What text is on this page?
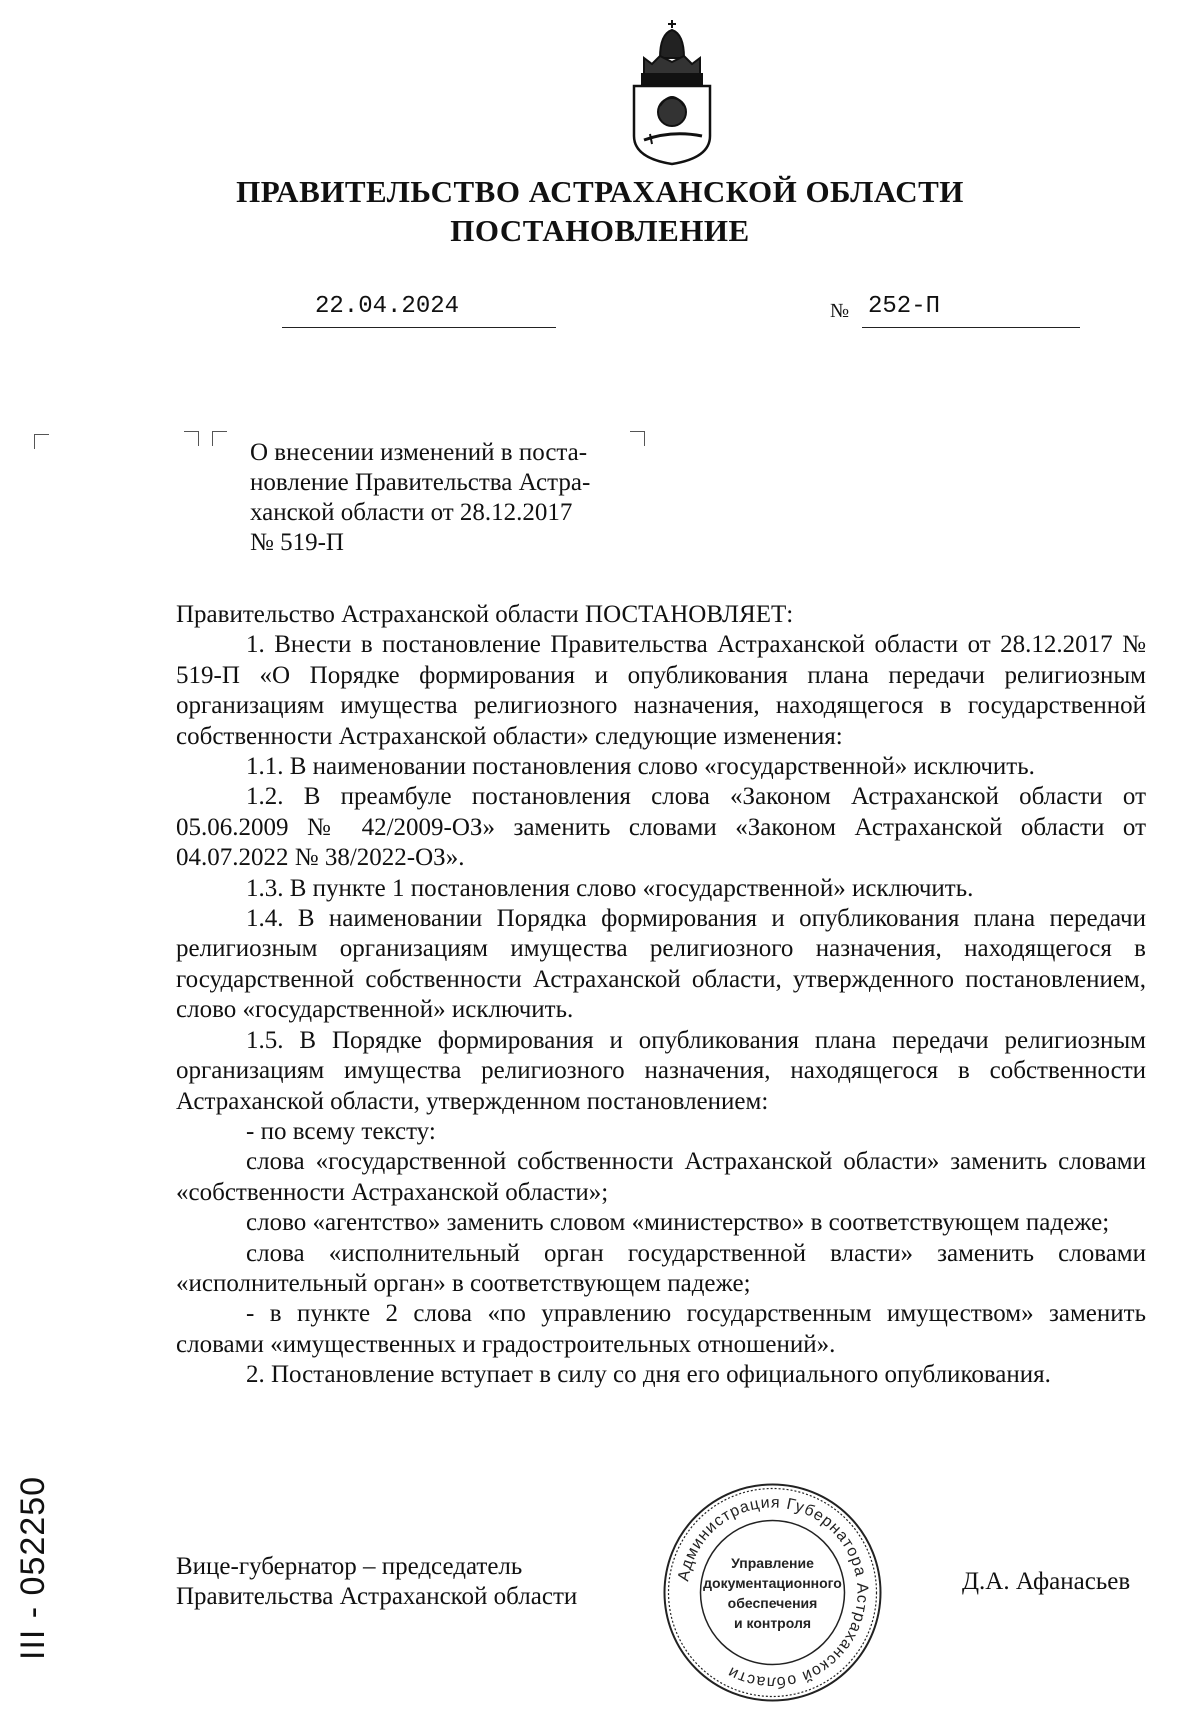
ПРАВИТЕЛЬСТВО АСТРАХАНСКОЙ ОБЛАСТИ
ПОСТАНОВЛЕНИЕ
22.04.2024	№ 252-П
О внесении изменений в поста-
новление Правительства Астра-
ханской области от 28.12.2017
№ 519-П

Правительство Астраханской области ПОСТАНОВЛЯЕТ:

1. Внести в постановление Правительства Астраханской области от 28.12.2017 № 519-П «О Порядке формирования и опубликования плана передачи религиозным организациям имущества религиозного назначения, находящегося в государственной собственности Астраханской области» следующие изменения:

1.1. В наименовании постановления слово «государственной» исключить.

1.2. В преамбуле постановления слова «Законом Астраханской области от 05.06.2009 № 42/2009-ОЗ» заменить словами «Законом Астраханской области от 04.07.2022 № 38/2022-ОЗ».

1.3. В пункте 1 постановления слово «государственной» исключить.

1.4. В наименовании Порядка формирования и опубликования плана передачи религиозным организациям имущества религиозного назначения, находящегося в государственной собственности Астраханской области, утвержденного постановлением, слово «государственной» исключить.

1.5. В Порядке формирования и опубликования плана передачи религиозным организациям имущества религиозного назначения, находящегося в собственности Астраханской области, утвержденном постановлением:

- по всему тексту:

слова «государственной собственности Астраханской области» заменить словами «собственности Астраханской области»;

слово «агентство» заменить словом «министерство» в соответствующем падеже;

слова «исполнительный орган государственной власти» заменить словами «исполнительный орган» в соответствующем падеже;

- в пункте 2 слова «по управлению государственным имуществом» заменить словами «имущественных и градостроительных отношений».

2. Постановление вступает в силу со дня его официального опубликования.

Вице-губернатор – председатель
Правительства Астраханской области
Д.А. Афанасьев
Администрация Губернатора Астраханской области
Управление
документационного
обеспечения
и контроля
III - 052250
